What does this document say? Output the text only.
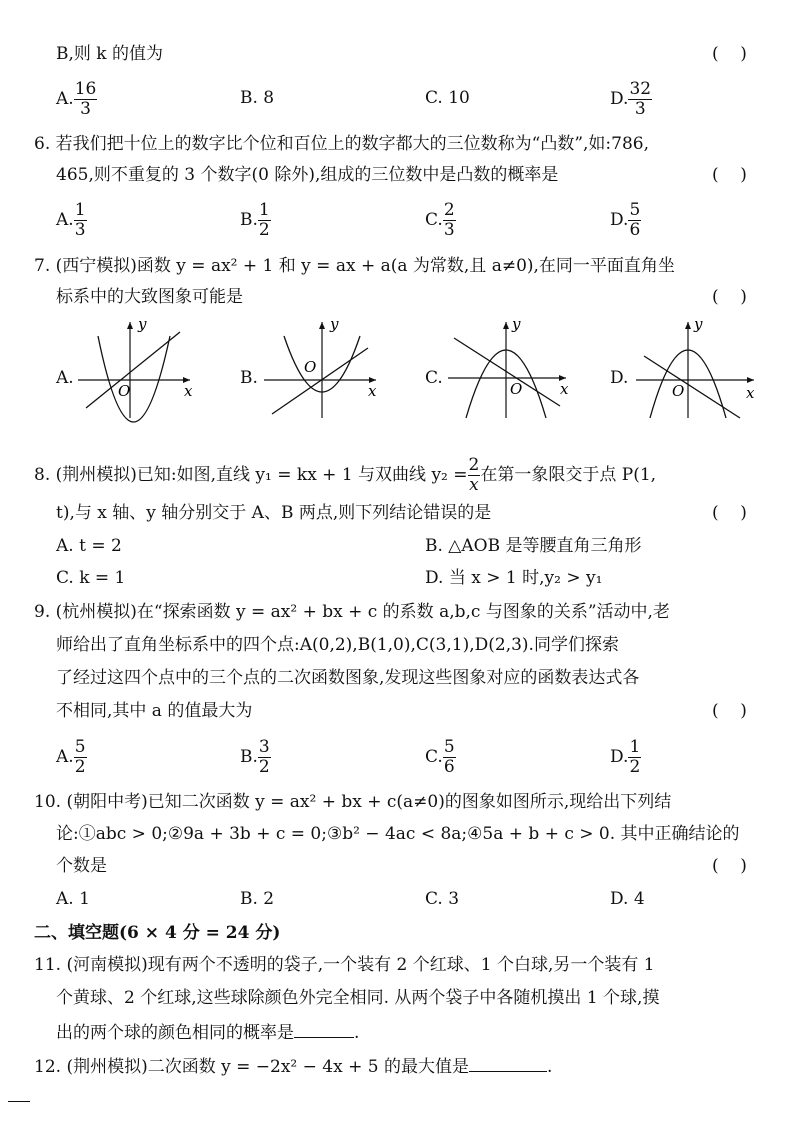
B,则 k 的值为	(    )
A. $\frac{16}{3}$	B. 8	C. 10	D. $\frac{32}{3}$
6. 若我们把十位上的数字比个位和百位上的数字都大的三位数称为“凸数”,如:786,
465,则不重复的 3 个数字(0 除外),组成的三位数中是凸数的概率是	(    )
A. $\frac{1}{3}$	B. $\frac{1}{2}$	C. $\frac{2}{3}$	D. $\frac{5}{6}$
7. (西宁模拟)函数 y = ax² + 1 和 y = ax + a(a 为常数,且 a≠0),在同一平面直角坐
标系中的大致图象可能是	(    )
A.
y
x
O
B.
y
x
O
C.
y
x
O
D.
y
x
O
8. (荆州模拟)已知:如图,直线 y₁ = kx + 1 与双曲线 $y_2 = \frac{2}{x}$ 在第一象限交于点 P(1,
t),与 x 轴、y 轴分别交于 A、B 两点,则下列结论错误的是	(    )
A. t = 2	B. △AOB 是等腰直角三角形
C. k = 1	D. 当 x > 1 时,y₂ > y₁
9. (杭州模拟)在“探索函数 y = ax² + bx + c 的系数 a,b,c 与图象的关系”活动中,老
师给出了直角坐标系中的四个点:A(0,2),B(1,0),C(3,1),D(2,3).同学们探索
了经过这四个点中的三个点的二次函数图象,发现这些图象对应的函数表达式各
不相同,其中 a 的值最大为	(    )
A. $\frac{5}{2}$	B. $\frac{3}{2}$	C. $\frac{5}{6}$	D. $\frac{1}{2}$
10. (朝阳中考)已知二次函数 y = ax² + bx + c(a≠0)的图象如图所示,现给出下列结
论:①abc > 0;②9a + 3b + c = 0;③b² − 4ac < 8a;④5a + b + c > 0. 其中正确结论的
个数是	(    )
A. 1	B. 2	C. 3	D. 4
二、填空题(6 × 4 分 = 24 分)
11. (河南模拟)现有两个不透明的袋子,一个装有 2 个红球、1 个白球,另一个装有 1
个黄球、2 个红球,这些球除颜色外完全相同. 从两个袋子中各随机摸出 1 个球,摸
出的两个球的颜色相同的概率是	.
12. (荆州模拟)二次函数 y = −2x² − 4x + 5 的最大值是	.
